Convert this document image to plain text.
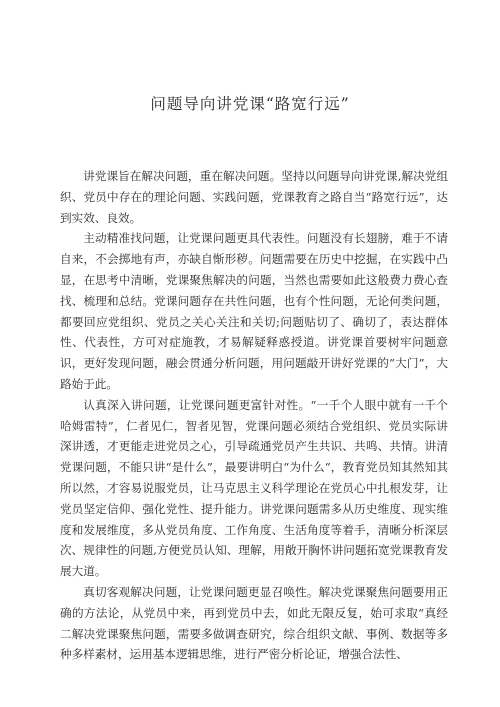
问题导向讲党课“路宽行远”

讲党课旨在解决问题，重在解决问题。坚持以问题导向讲党课,解决党组织、党员中存在的理论问题、实践问题，党课教育之路自当“路宽行远”，达到实效、良效。

主动精准找问题，让党课问题更具代表性。问题没有长翅膀，难于不请自来，不会掷地有声，亦缺自惭形秽。问题需要在历史中挖掘，在实践中凸显，在思考中清晰，党课聚焦解决的问题，当然也需要如此这般费力费心查找、梳理和总结。党课问题存在共性问题，也有个性问题，无论何类问题，都要回应党组织、党员之关心关注和关切;问题贴切了、确切了，表达群体性、代表性，方可对症施教，才易解疑释惑授道。讲党课首要树牢问题意识，更好发现问题，融会贯通分析问题，用问题敲开讲好党课的“大门”，大路始于此。

认真深入讲问题，让党课问题更富针对性。“一千个人眼中就有一千个哈姆雷特”，仁者见仁，智者见智，党课问题必须结合党组织、党员实际讲深讲透，才更能走进党员之心，引导疏通党员产生共识、共鸣、共情。讲清党课问题，不能只讲“是什么”，最要讲明白“为什么“，教育党员知其然知其所以然，才容易说服党员，让马克思主义科学理论在党员心中扎根发芽，让党员坚定信仰、强化党性、提升能力。讲党课问题需多从历史维度、现实维度和发展维度，多从党员角度、工作角度、生活角度等着手，清晰分析深层次、规律性的问题,方便党员认知、理解，用敞开胸怀讲问题拓宽党课教育发展大道。

真切客观解决问题，让党课问题更显召唤性。解决党课聚焦问题要用正确的方法论，从党员中来，再到党员中去，如此无限反复，始可求取“真经二解决党课聚焦问题，需要多做调查研究，综合组织文献、事例、数据等多种多样素材，运用基本逻辑思维，进行严密分析论证，增强合法性、
